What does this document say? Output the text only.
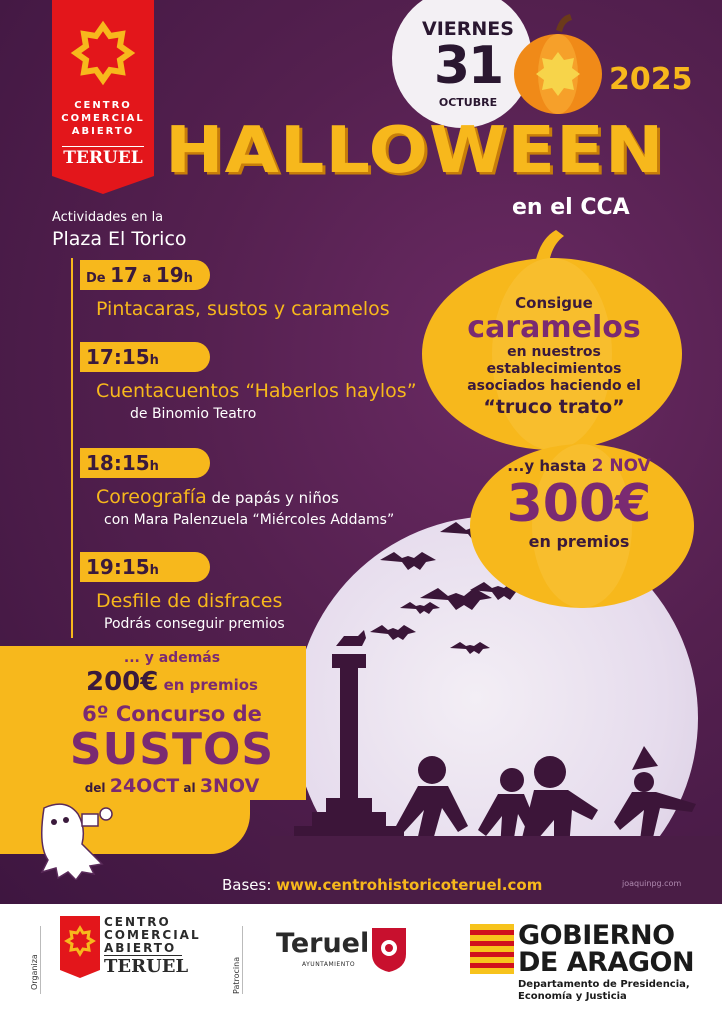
VIERNES
31
OCTUBRE
2025
CENTRO
COMERCIAL
ABIERTO
TERUEL HALLOWEEN
en el CCA
Actividades en la
Plaza El Torico
De 17 a 19h
Pintacaras, sustos y caramelos
17:15h
Cuentacuentos “Haberlos haylos”
de Binomio Teatro
18:15h
Coreografía de papás y niños
con Mara Palenzuela “Miércoles Addams”
19:15h
Desfile de disfraces
Podrás conseguir premios
Consigue
caramelos
en nuestros
establecimientos
asociados haciendo el
“truco trato”
...y hasta 2 NOV
300€
en premios
... y además
200€ en premios
6º Concurso de
SUSTOS
del 24OCT al 3NOV
Bases: www.centrohistoricoteruel.com	joaquinpg.com
Organiza
CENTRO
COMERCIAL
ABIERTO
TERUEL	Patrocina
Teruel
AYUNTAMIENTO
GOBIERNO
DE ARAGON
Departamento de Presidencia,
Economía y Justicia
